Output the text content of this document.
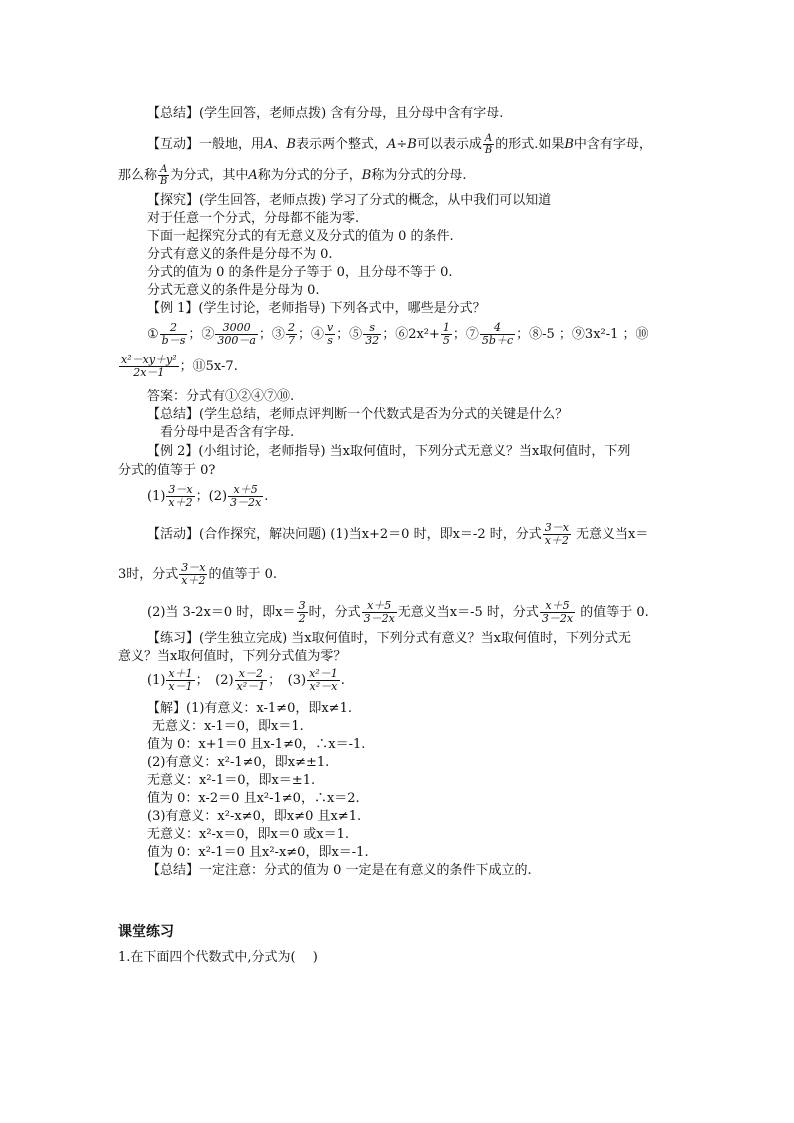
【总结】(学生回答，老师点拨) 含有分母，且分母中含有字母.
【互动】一般地，用A、B表示两个整式，A÷B可以表示成 $\frac{A}{B}$ 的形式.如果B中含有字母，
那么称 $\frac{A}{B}$ 为分式，其中A称为分式的分子，B称为分式的分母.
【探究】(学生回答，老师点拨) 学习了分式的概念，从中我们可以知道
对于任意一个分式，分母都不能为零.
下面一起探究分式的有无意义及分式的值为 0 的条件.
分式有意义的条件是分母不为 0.
分式的值为 0 的条件是分子等于 0，且分母不等于 0.
分式无意义的条件是分母为 0.
【例 1】(学生讨论，老师指导) 下列各式中，哪些是分式？
① $\frac{2}{b-s}$ ；② $\frac{3000}{300-a}$ ；③ $\frac{2}{7}$ ；④ $\frac{v}{s}$ ；⑤ $\frac{s}{32}$ ；⑥2x²+ $\frac{1}{5}$ ；⑦ $\frac{4}{5b+c}$ ；⑧-5 ；⑨3x²-1 ；⑩
$\frac{\text{x²－xy＋y²}}{2x-1}$ ；⑪5x-7.
答案：分式有①②④⑦⑩.
【总结】(学生总结，老师点评判断一个代数式是否为分式的关键是什么？
看分母中是否含有字母.
【例 2】(小组讨论，老师指导) 当x取何值时，下列分式无意义？当x取何值时，下列
分式的值等于 0?
$(1) \frac{3-x}{x+2}$ ；$(2) \frac{x+5}{3-2x}$ .
【活动】(合作探究，解决问题) (1)当x+2＝0 时，即x＝-2 时，分式 $\frac{3-x}{x+2}$ 无意义当x＝
3时，分式 $\frac{3-x}{x+2}$ 的值等于 0.
(2)当 3-2x＝0 时，即$x= \frac{3}{2}$ 时，分式 $\frac{x+5}{3-2x}$ 无意义当x＝-5 时，分式 $\frac{x+5}{3-2x}$ 的值等于 0.
【练习】(学生独立完成) 当x取何值时，下列分式有意义？当x取何值时，下列分式无
意义？当x取何值时，下列分式值为零？
$(1) \frac{x+1}{x-1}$ ；　$(2) \frac{x-2}{\text{x²－1}}$ ；　$(3) \frac{\text{x²－1}}{\text{x²－x}}$ .
【解】(1)有意义：x-1≠0，即x≠1.
无意义：x-1＝0，即x＝1.
值为 0：x+1＝0 且x-1≠0，∴x＝-1.
(2)有意义：x²-1≠0，即x≠±1.
无意义：x²-1＝0，即x＝±1.
值为 0：x-2＝0 且x²-1≠0，∴x＝2.
(3)有意义：x²-x≠0，即x≠0 且x≠1.
无意义：x²-x＝0，即x＝0 或x＝1.
值为 0：x²-1＝0 且x²-x≠0，即x＝-1.
【总结】一定注意：分式的值为 0 一定是在有意义的条件下成立的.
课堂练习
1.在下面四个代数式中,分式为(　 )
